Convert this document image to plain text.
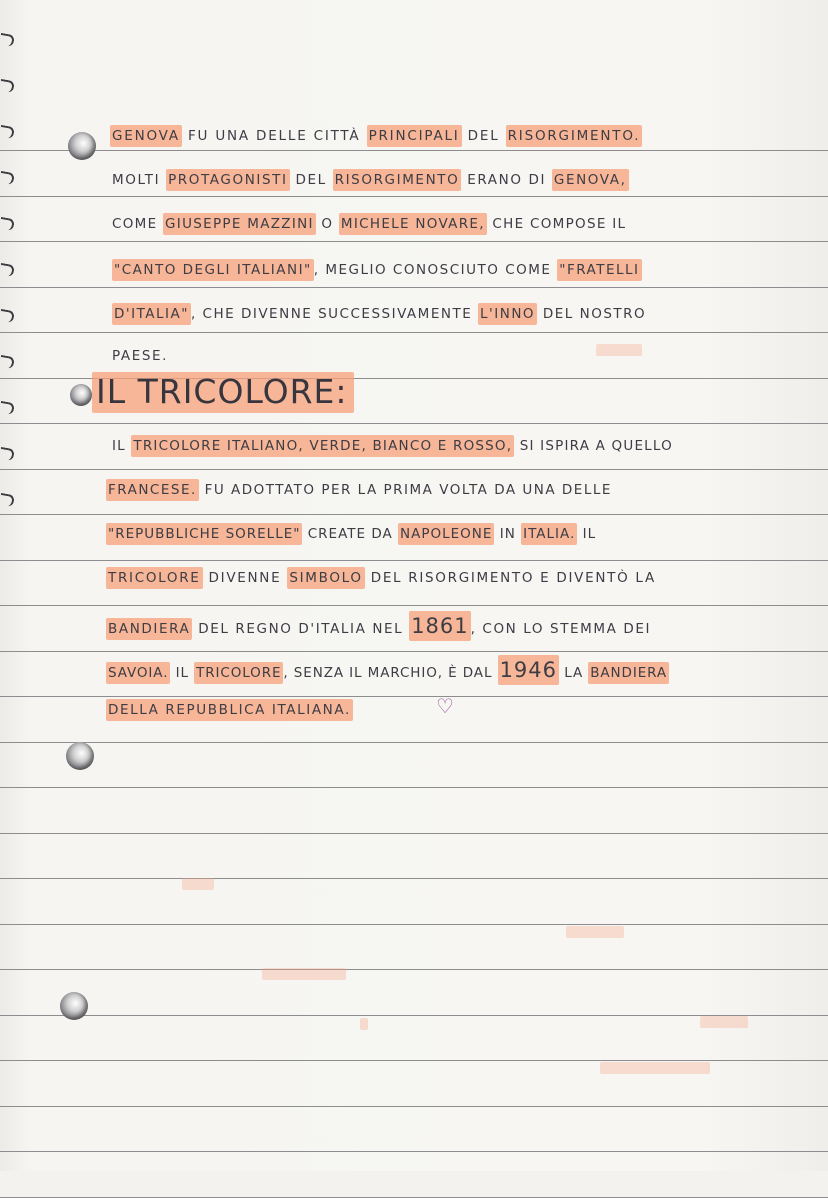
IL TRICOLORE:
GENOVA FU UNA DELLE CITTÀ PRINCIPALI DEL RISORGIMENTO.
MOLTI PROTAGONISTI DEL RISORGIMENTO ERANO DI GENOVA,
COME GIUSEPPE MAZZINI O MICHELE NOVARE, CHE COMPOSE IL
"CANTO DEGLI ITALIANI" , MEGLIO CONOSCIUTO COME "FRATELLI
D'ITALIA" , CHE DIVENNE SUCCESSIVAMENTE L'INNO DEL NOSTRO
PAESE.
IL TRICOLORE ITALIANO, VERDE, BIANCO E ROSSO, SI ISPIRA A QUELLO
FRANCESE. FU ADOTTATO PER LA PRIMA VOLTA DA UNA DELLE
"REPUBBLICHE SORELLE" CREATE DA NAPOLEONE IN ITALIA. IL
TRICOLORE DIVENNE SIMBOLO DEL RISORGIMENTO E DIVENTÒ LA
BANDIERA DEL REGNO D'ITALIA NEL 1861 , CON LO STEMMA DEI
SAVOIA. IL TRICOLORE , SENZA IL MARCHIO, È DAL 1946 LA BANDIERA
DELLA REPUBBLICA ITALIANA.	♡
